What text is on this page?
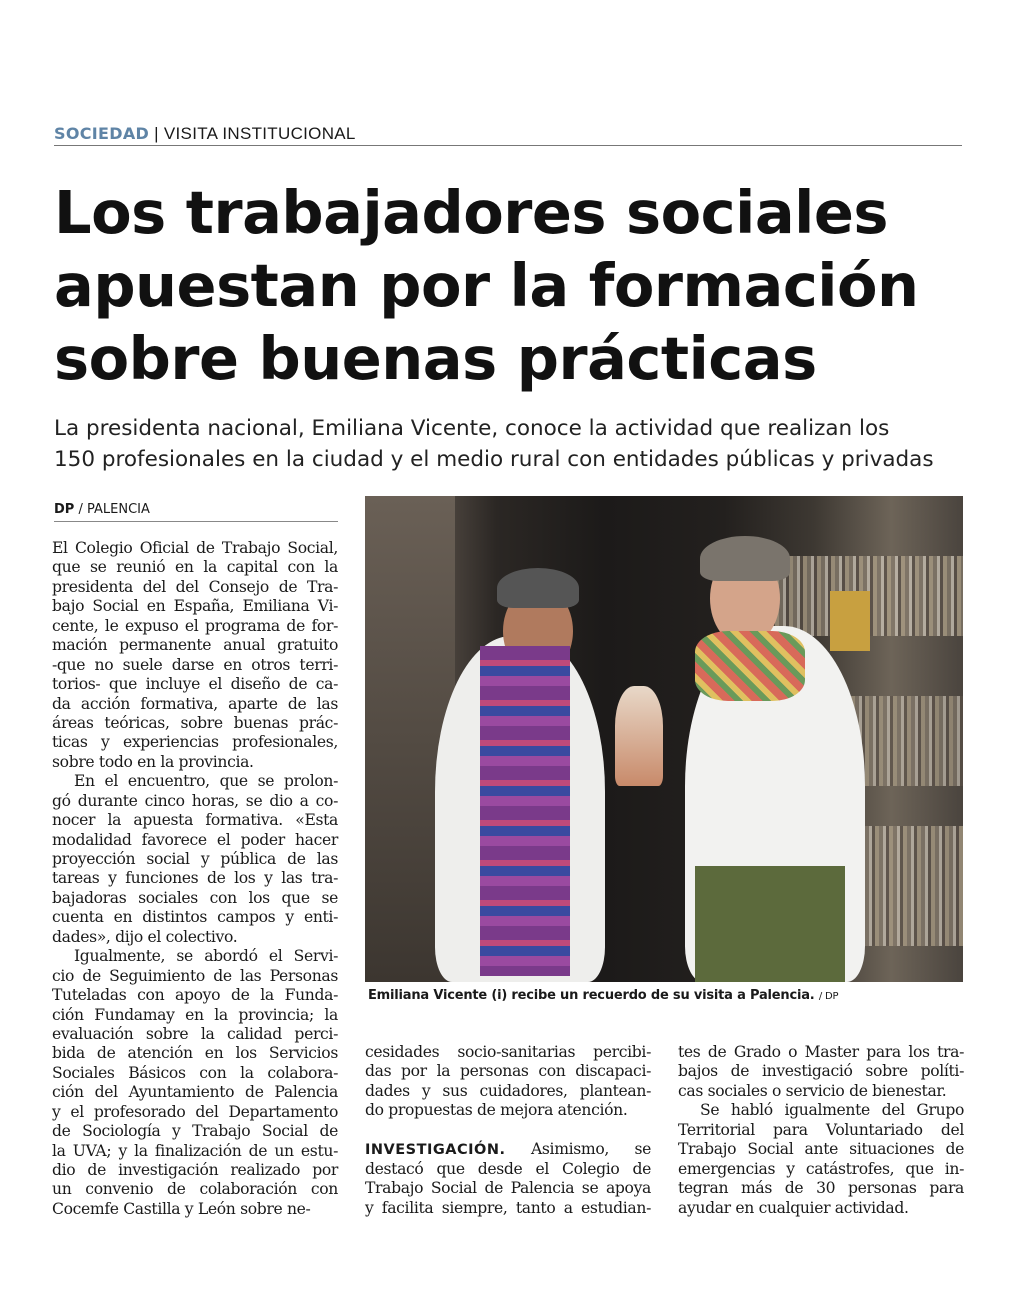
SOCIEDAD | VISITA INSTITUCIONAL
Los trabajadores sociales
apuestan por la formación
sobre buenas prácticas
La presidenta nacional, Emiliana Vicente, conoce la actividad que realizan los
150 profesionales en la ciudad y el medio rural con entidades públicas y privadas
DP / PALENCIA
El Colegio Oficial de Trabajo Social,
que se reunió en la capital con la
presidenta del del Consejo de Tra-
bajo Social en España, Emiliana Vi-
cente, le expuso el programa de for-
mación permanente anual gratuito
-que no suele darse en otros terri-
torios- que incluye el diseño de ca-
da acción formativa, aparte de las
áreas teóricas, sobre buenas prác-
ticas y experiencias profesionales,
sobre todo en la provincia.
En el encuentro, que se prolon-
gó durante cinco horas, se dio a co-
nocer la apuesta formativa. «Esta
modalidad favorece el poder hacer
proyección social y pública de las
tareas y funciones de los y las tra-
bajadoras sociales con los que se
cuenta en distintos campos y enti-
dades», dijo el colectivo.
Igualmente, se abordó el Servi-
cio de Seguimiento de las Personas
Tuteladas con apoyo de la Funda-
ción Fundamay en la provincia; la
evaluación sobre la calidad perci-
bida de atención en los Servicios
Sociales Básicos con la colabora-
ción del Ayuntamiento de Palencia
y el profesorado del Departamento
de Sociología y Trabajo Social de
la UVA; y la finalización de un estu-
dio de investigación realizado por
un convenio de colaboración con
Cocemfe Castilla y León sobre ne-
cesidades socio-sanitarias percibi-
das por la personas con discapaci-
dades y sus cuidadores, plantean-
do propuestas de mejora atención.
INVESTIGACIÓN. Asimismo, se
destacó que desde el Colegio de
Trabajo Social de Palencia se apoya
y facilita siempre, tanto a estudian-
tes de Grado o Master para los tra-
bajos de investigació sobre políti-
cas sociales o servicio de bienestar.
Se habló igualmente del Grupo
Territorial para Voluntariado del
Trabajo Social ante situaciones de
emergencias y catástrofes, que in-
tegran más de 30 personas para
ayudar en cualquier actividad.
Emiliana Vicente (i) recibe un recuerdo de su visita a Palencia. / DP
